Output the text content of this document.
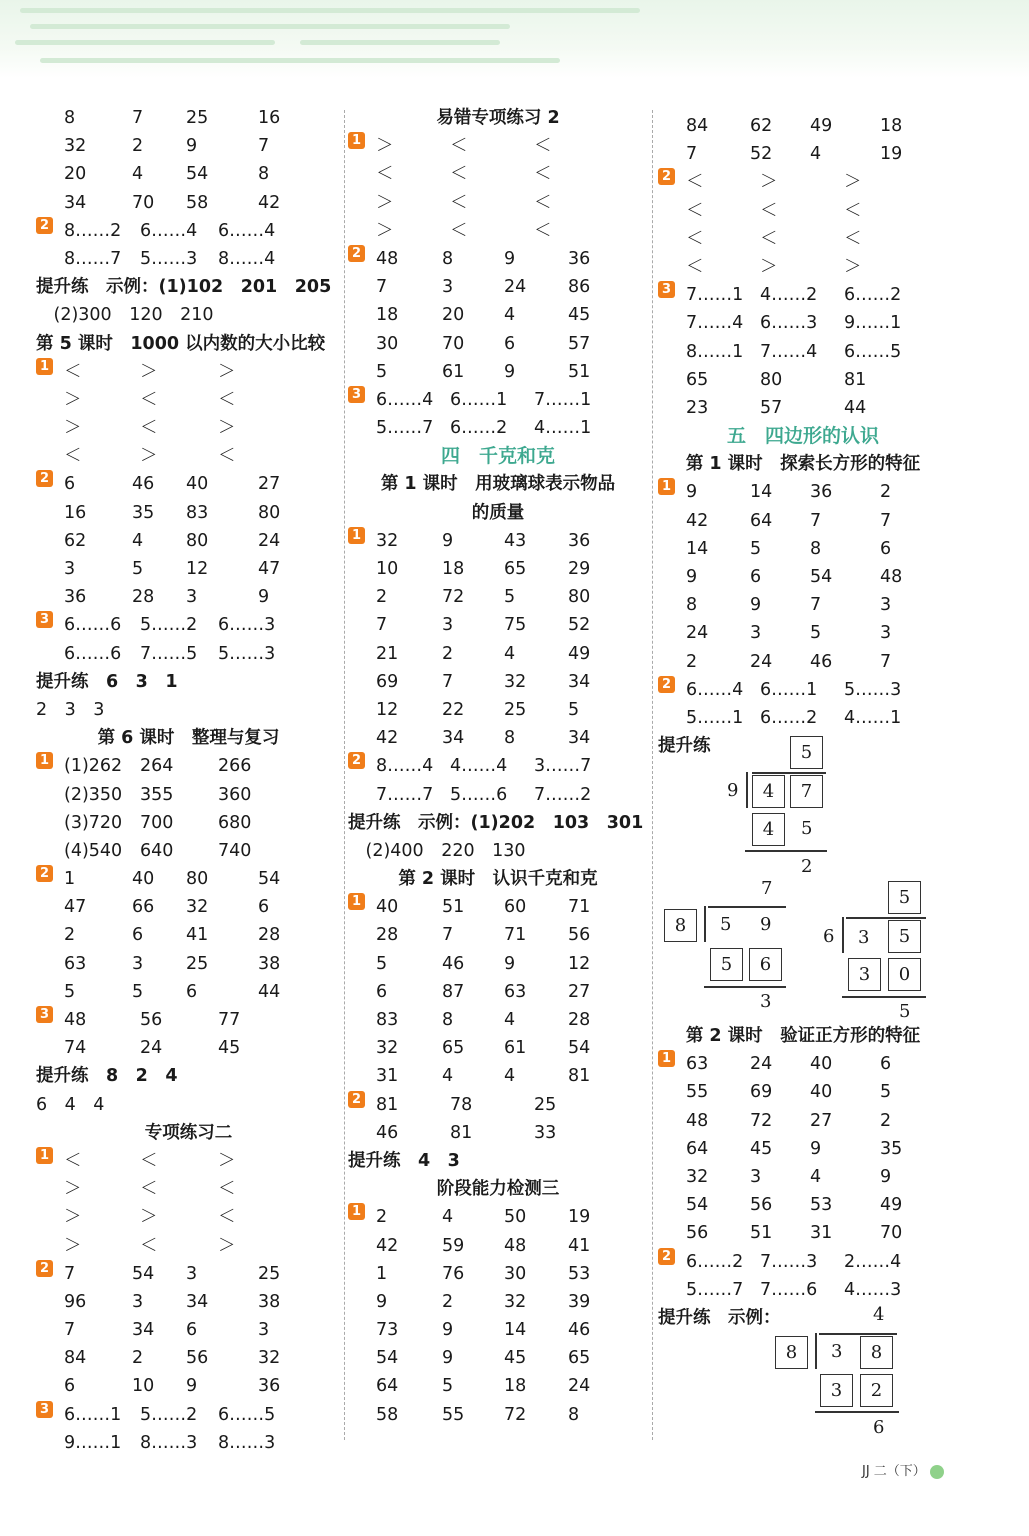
8	7 25	16
32	2 9	7
20	4 54	8
34	70 58	42
2 8……2 6……4 6……4
8……7 5……3 8……4
提升练　示例：(1)102　201　205
　(2)300　120　210
第 5 课时　1000 以内数的大小比较
1 ＜	＞	＞
＞	＜	＜
＞	＜	＞
＜	＞	＜
2 6	46 40	27
16	35 83	80
62	4 80	24
3	5 12	47
36	28 3	9
3 6……6 5……2 6……3
6……6 7……5 5……3
提升练　6　3　1
2　3　3
第 6 课时　整理与复习
1 (1)262 264	266
(2)350 355	360
(3)720 700	680
(4)540 640	740
2 1	40 80	54
47	66 32	6
2	6 41	28
63	3 25	38
5	5 6	44
3 48	56	77
74	24	45
提升练　8　2　4
6　4　4
专项练习二
1 ＜	＜	＞
＞	＜	＜
＞	＞	＜
＞	＜	＞
2 7	54 3	25
96	3 34	38
7	34 6	3
84	2 56	32
6	10 9	36
3 6……1 5……2 6……5
9……1 8……3 8……3
易错专项练习 2
1 ＞	＜	＜
＜	＜	＜
＞	＜	＜
＞	＜	＜
2 48 8	9	36
7	3	24 86
18 20 4	45
30 70 6	57
5	61 9	51
3 6……4 6……1 7……1
5……7 6……2 4……1
四　千克和克
第 1 课时　用玻璃球表示物品
的质量
1 32 9	43 36
10 18 65 29
2	72 5	80
7	3	75 52
21 2	4	49
69 7	32 34
12 22 25 5
42 34 8	34
2 8……4 4……4 3……7
7……7 5……6 7……2
提升练　示例：(1)202　103　301
　(2)400　220　130
第 2 课时　认识千克和克
1 40 51 60 71
28 7	71 56
5	46 9	12
6	87 63 27
83 8	4	28
32 65 61 54
31 4	4	81
2 81	78	25
46	81	33
提升练　4　3
阶段能力检测三
1 2	4	50 19
42 59 48 41
1	76 30 53
9	2	32 39
73 9	14 46
54 9	45 65
64 5	18 24
58 55 72 8
84 62 49	18
7	52 4	19
2 ＜	＞	＞
＜	＜	＜
＜	＜	＜
＜	＞	＞
3 7……1 4……2 6……2
7……4 6……3 9……1
8……1 7……4 6……5
65	80	81
23	57	44
五　四边形的认识
第 1 课时　探索长方形的特征
1 9	14 36	2
42 64 7	7
14 5	8	6
9	6	54	48
8	9	7	3
24 3	5	3
2	24 46	7
2 6……4 6……1 5……3
5……1 6……2 4……1
提升练	5
9	4	7
4	5
2
7
8	5 9
5	6
3
5
6 3	5
3	0
5
第 2 课时　验证正方形的特征
1 63 24 40	6
55 69 40	5
48 72 27	2
64 45 9	35
32 3	4	9
54 56 53	49
56 51 31	70
2 6……2 7……3 2……4
5……7 7……6 4……3
提升练　示例：	4
8	3	8
3	2
6
JJ 二（下）
